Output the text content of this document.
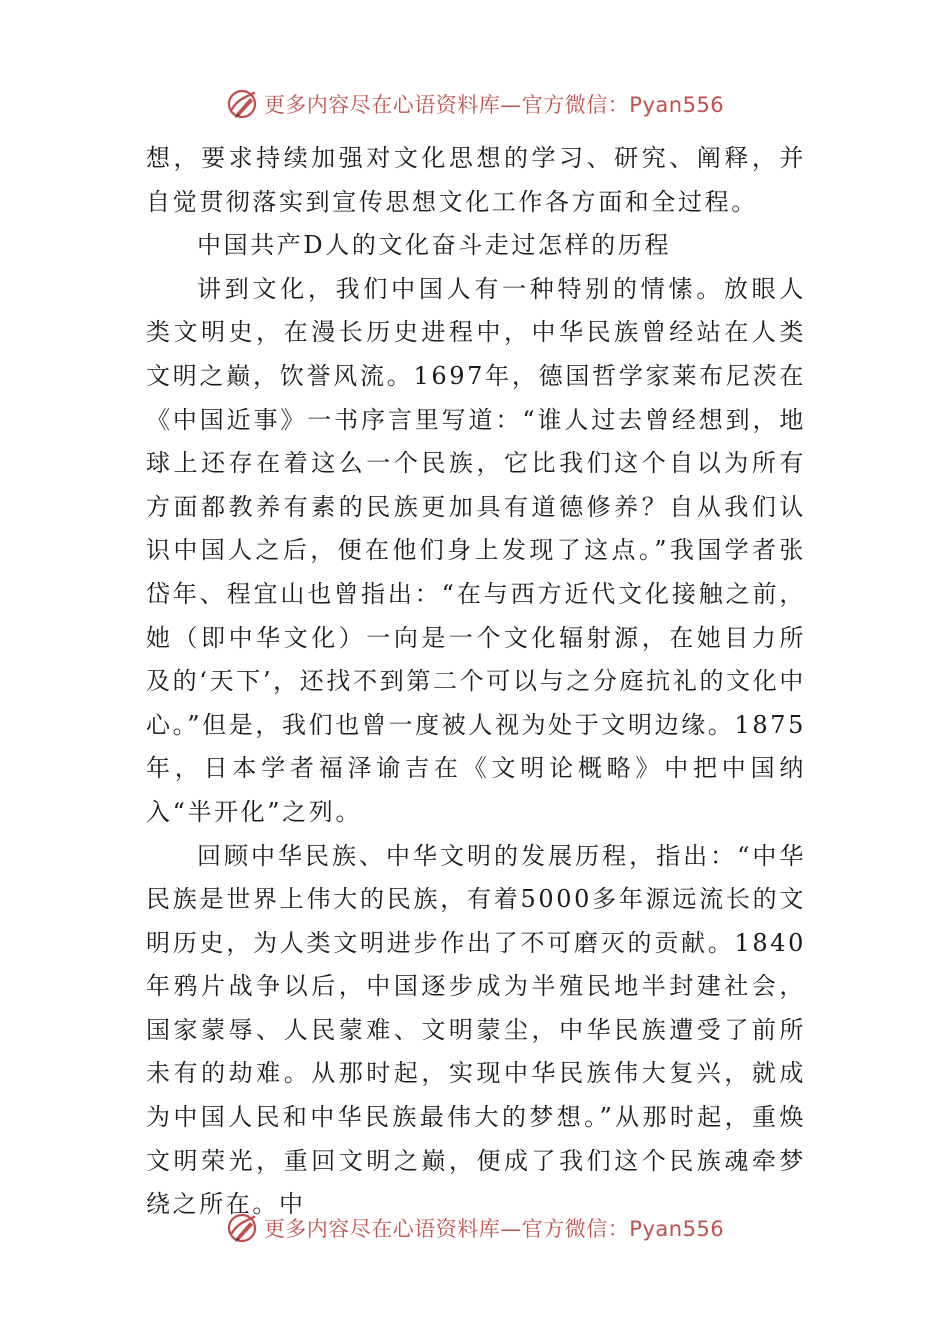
更多内容尽在心语资料库—官方微信：Pyan556

想，要求持续加强对文化思想的学习、研究、阐释，并自觉贯彻落实到宣传思想文化工作各方面和全过程。

中国共产D人的文化奋斗走过怎样的历程

讲到文化，我们中国人有一种特别的情愫。放眼人类文明史，在漫长历史进程中，中华民族曾经站在人类文明之巅，饮誉风流。1697年，德国哲学家莱布尼茨在《中国近事》一书序言里写道：“谁人过去曾经想到，地球上还存在着这么一个民族，它比我们这个自以为所有方面都教养有素的民族更加具有道德修养？自从我们认识中国人之后，便在他们身上发现了这点。”我国学者张岱年、程宜山也曾指出：“在与西方近代文化接触之前，她（即中华文化）一向是一个文化辐射源，在她目力所及的‘天下’，还找不到第二个可以与之分庭抗礼的文化中心。”但是，我们也曾一度被人视为处于文明边缘。1875年，日本学者福泽谕吉在《文明论概略》中把中国纳入“半开化”之列。

回顾中华民族、中华文明的发展历程，指出：“中华民族是世界上伟大的民族，有着5000多年源远流长的文明历史，为人类文明进步作出了不可磨灭的贡献。1840年鸦片战争以后，中国逐步成为半殖民地半封建社会，国家蒙辱、人民蒙难、文明蒙尘，中华民族遭受了前所未有的劫难。从那时起，实现中华民族伟大复兴，就成为中国人民和中华民族最伟大的梦想。”从那时起，重焕文明荣光，重回文明之巅，便成了我们这个民族魂牵梦绕之所在。中

更多内容尽在心语资料库—官方微信：Pyan556
